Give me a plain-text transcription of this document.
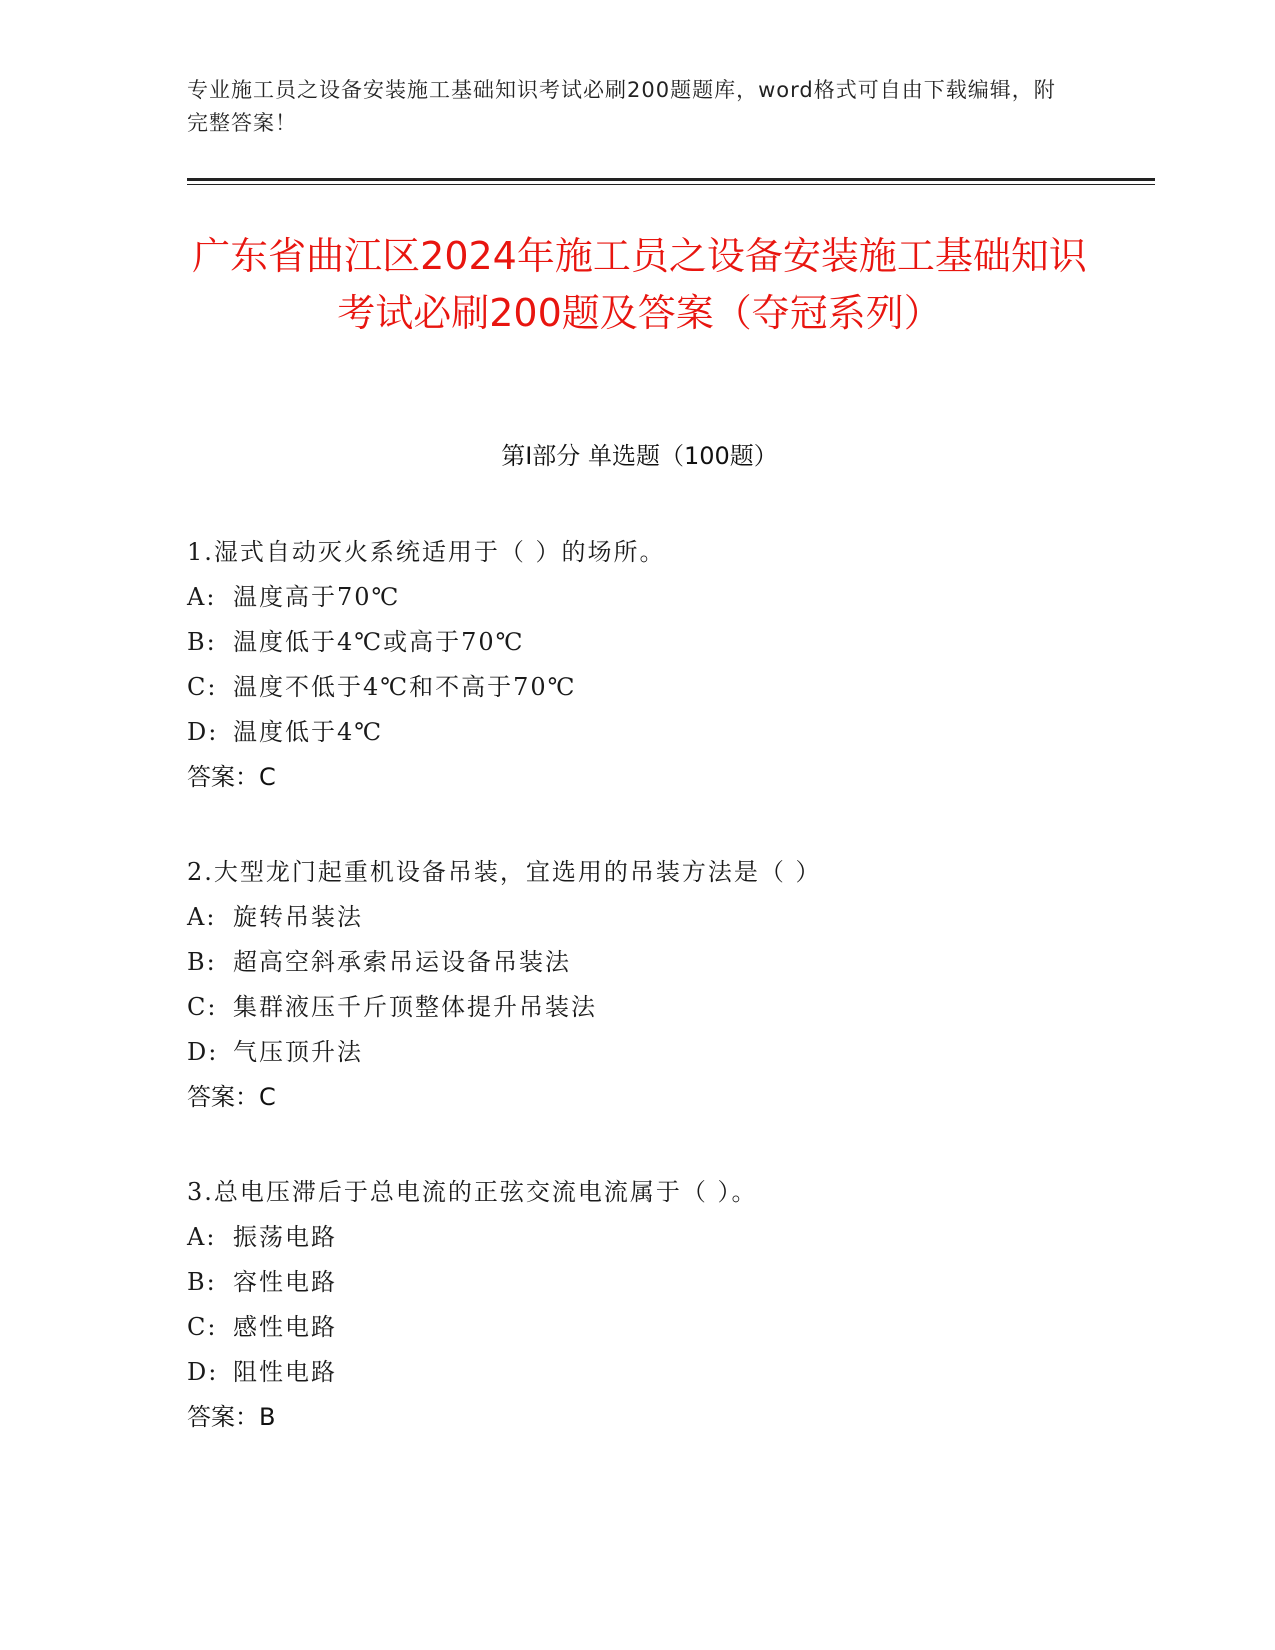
专业施工员之设备安装施工基础知识考试必刷200题题库，word格式可自由下载编辑，附完整答案！
广东省曲江区2024年施工员之设备安装施工基础知识考试必刷200题及答案（夺冠系列）
第Ⅰ部分 单选题（100题）
1.湿式自动灭火系统适用于（ ）的场所。
A: 温度高于70℃
B: 温度低于4℃或高于70℃
C: 温度不低于4℃和不高于70℃
D: 温度低于4℃
答案：C
2.大型龙门起重机设备吊装，宜选用的吊装方法是（ ）
A: 旋转吊装法
B: 超高空斜承索吊运设备吊装法
C: 集群液压千斤顶整体提升吊装法
D: 气压顶升法
答案：C
3.总电压滞后于总电流的正弦交流电流属于（ ）。
A: 振荡电路
B: 容性电路
C: 感性电路
D: 阻性电路
答案：B
